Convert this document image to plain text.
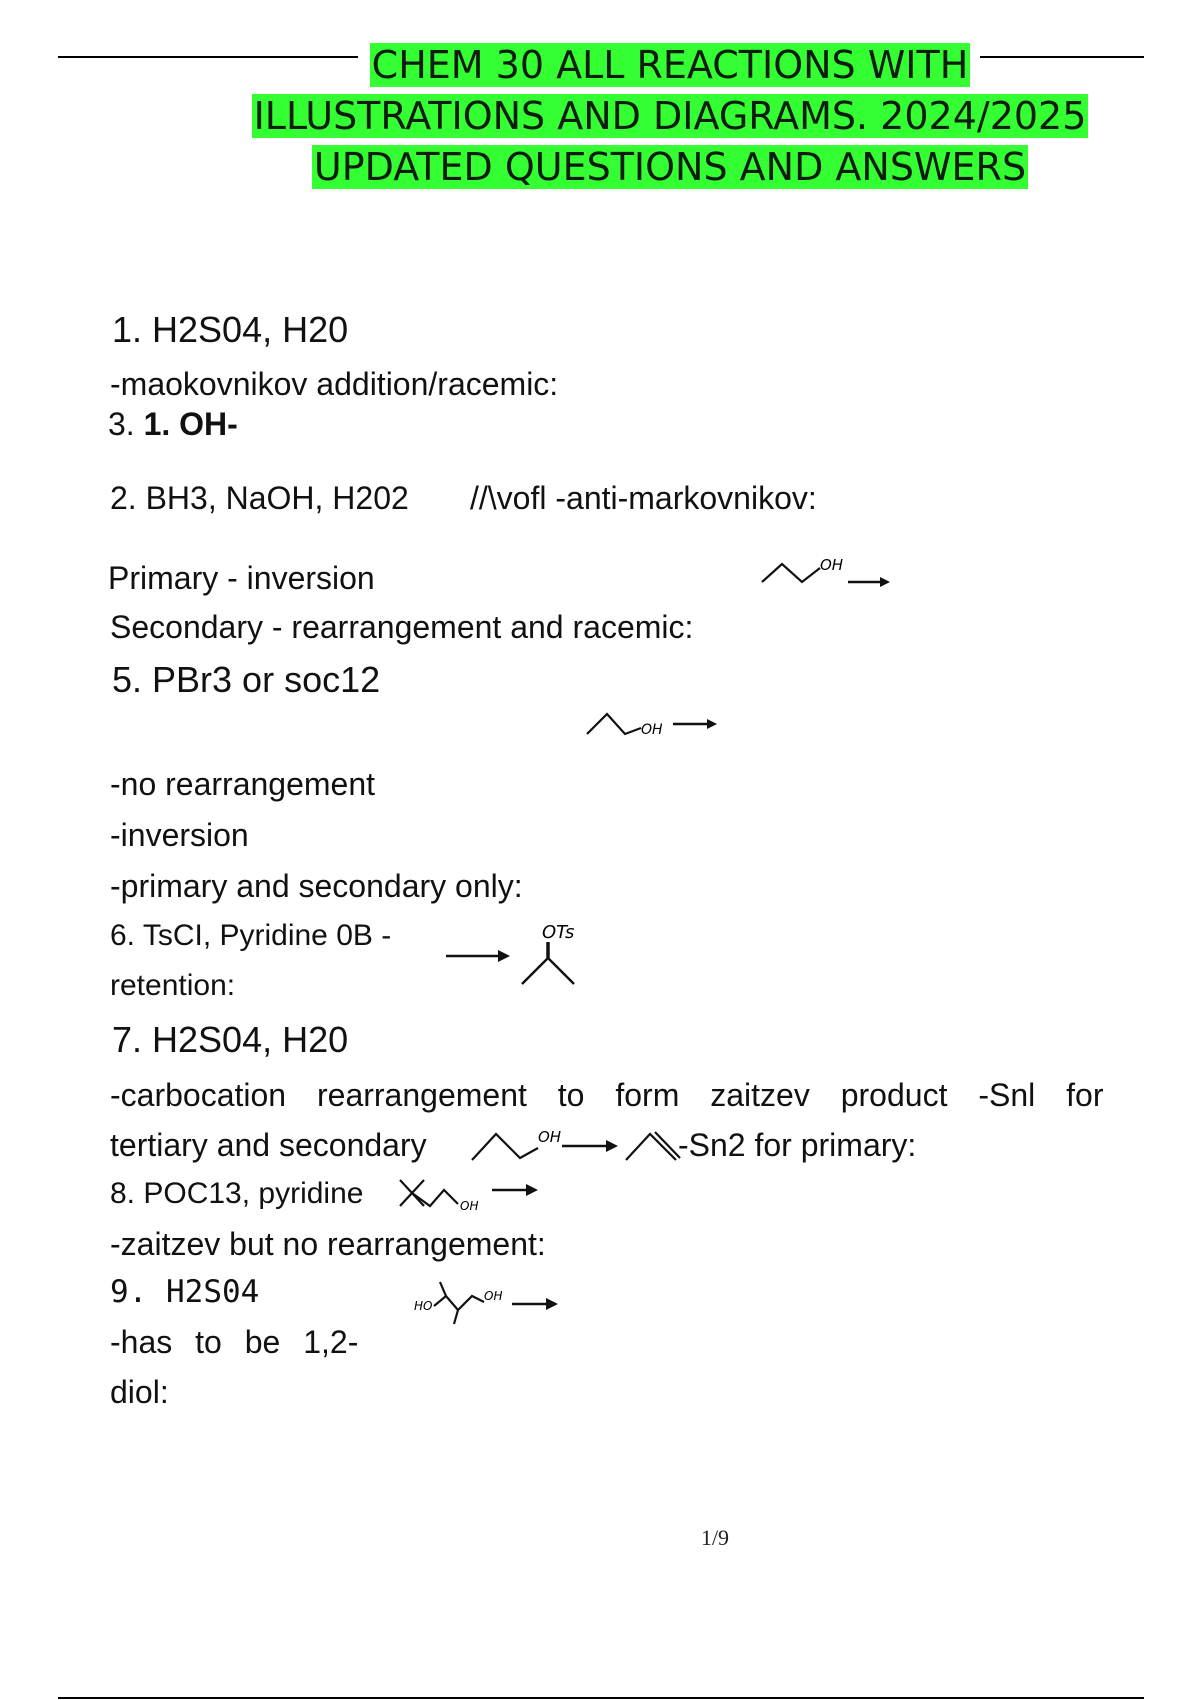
CHEM 30 ALL REACTIONS WITH
ILLUSTRATIONS AND DIAGRAMS. 2024/2025
UPDATED QUESTIONS AND ANSWERS
1. H2S04, H20
-maokovnikov addition/racemic:
3. 1. OH-
2. BH3, NaOH, H202 //\vofl -anti-markovnikov:
Primary - inversion
Secondary - rearrangement and racemic:
OH
5. PBr3 or soc12
OH
-no rearrangement
-inversion
-primary and secondary only:
6. TsCI, Pyridine 0B -
retention:
OTs
7. H2S04, H20
-carbocation rearrangement to form zaitzev product -Snl for
tertiary and secondary	OH	-Sn2 for primary:
8. POC13, pyridine	OH
-zaitzev but no rearrangement:
9. H2S04	HO
OH
-has to be 1,2-
diol:
1/9
